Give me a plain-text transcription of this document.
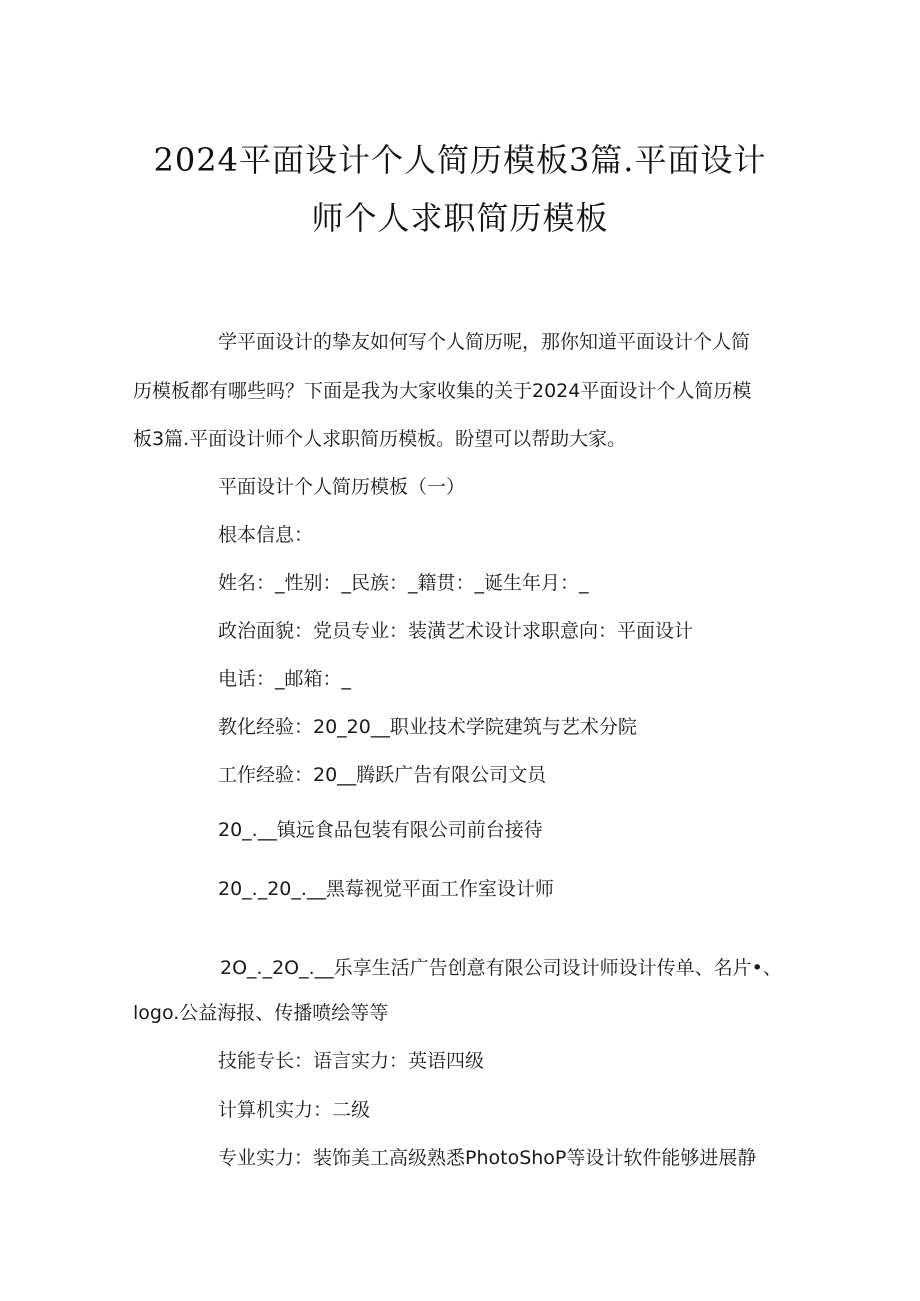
2024平面设计个人简历模板3篇.平面设计
师个人求职简历模板
学平面设计的挚友如何写个人简历呢，那你知道平面设计个人简
历模板都有哪些吗？下面是我为大家收集的关于2024平面设计个人简历模
板3篇.平面设计师个人求职简历模板。盼望可以帮助大家。
平面设计个人简历模板（一）
根本信息：
姓名：_性别：_民族：_籍贯：_诞生年月：_
政治面貌：党员专业：装潢艺术设计求职意向：平面设计
电话：_邮箱：_
教化经验：20_20__职业技术学院建筑与艺术分院
工作经验：20__腾跃广告有限公司文员
20_.__镇远食品包装有限公司前台接待
20_._20_.__黑莓视觉平面工作室设计师
2O_._2O_.__乐享生活广告创意有限公司设计师设计传单、名片•、
logo.公益海报、传播喷绘等等
技能专长：语言实力：英语四级
计算机实力：二级
专业实力：装饰美工高级熟悉PhotoShoP等设计软件能够进展静
